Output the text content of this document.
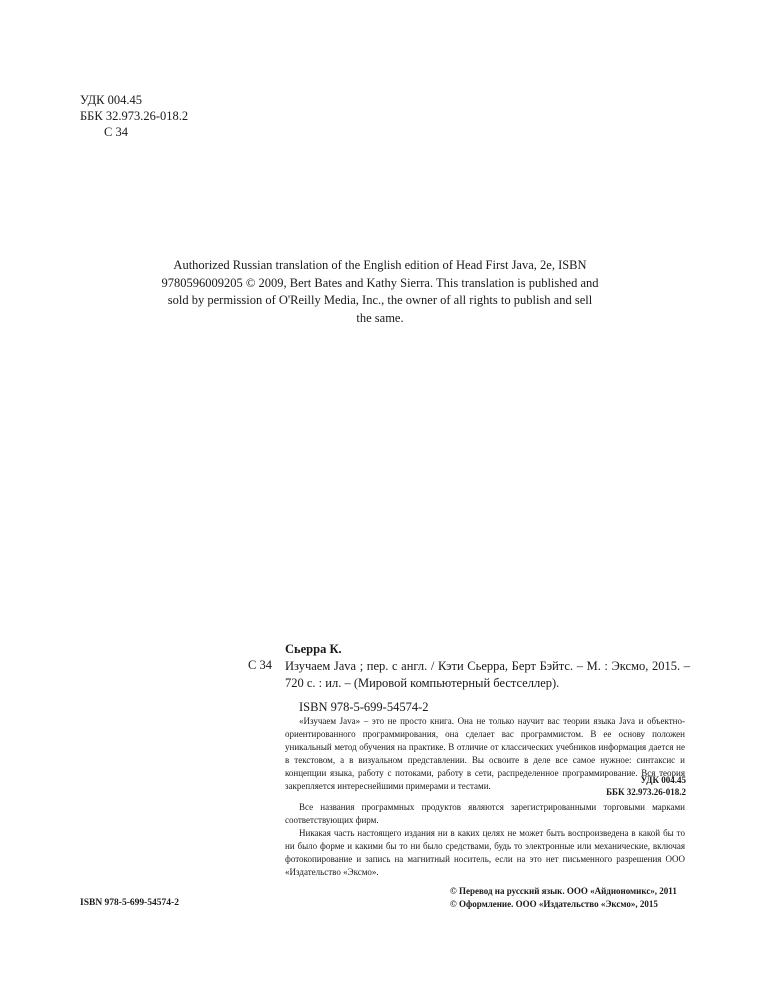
УДК 004.45
ББК 32.973.26-018.2
С 34
Authorized Russian translation of the English edition of Head First Java, 2e, ISBN 9780596009205 © 2009, Bert Bates and Kathy Sierra. This translation is published and sold by permission of O'Reilly Media, Inc., the owner of all rights to publish and sell the same.
Сьерра К.
С 34 Изучаем Java ; пер. с англ. / Кэти Сьерра, Берт Бэйтс. – М. : Эксмо, 2015. – 720 с. : ил. – (Мировой компьютерный бестселлер).
ISBN 978-5-699-54574-2

«Изучаем Java» – это не просто книга. Она не только научит вас теории языка Java и объектно-ориентированного программирования, она сделает вас программистом. В ее основу положен уникальный метод обучения на практике. В отличие от классических учебников информация дается не в текстовом, а в визуальном представлении. Вы освоите в деле все самое нужное: синтаксис и концепции языка, работу с потоками, работу в сети, распределенное программирование. Вся теория закрепляется интереснейшими примерами и тестами.

УДК 004.45
ББК 32.973.26-018.2

Все названия программных продуктов являются зарегистрированными торговыми марками соответствующих фирм.

Никакая часть настоящего издания ни в каких целях не может быть воспроизведена в какой бы то ни было форме и какими бы то ни было средствами, будь то электронные или механические, включая фотокопирование и запись на магнитный носитель, если на это нет письменного разрешения ООО «Издательство «Эксмо».

© Перевод на русский язык. ООО «Айдиономикс», 2011
© Оформление. ООО «Издательство «Эксмо», 2015
ISBN 978-5-699-54574-2
